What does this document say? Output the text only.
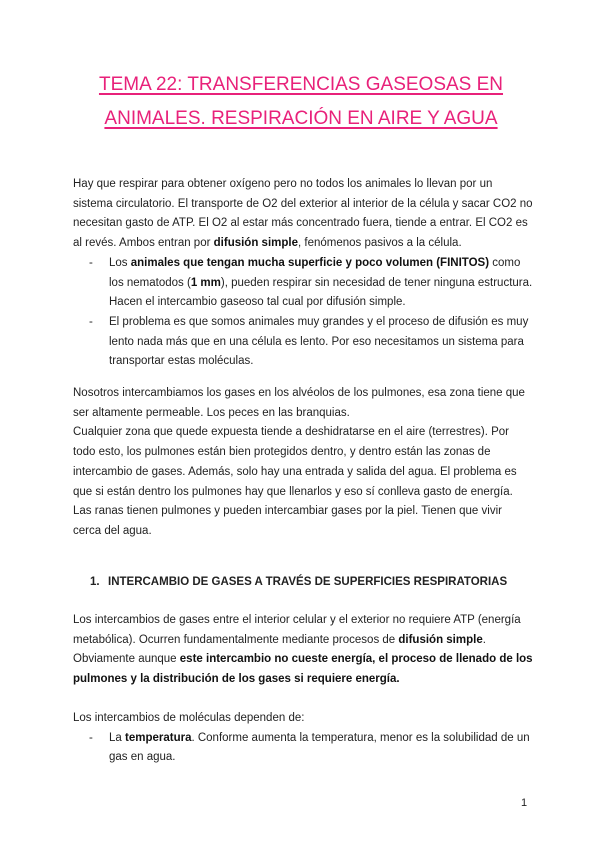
TEMA 22: TRANSFERENCIAS GASEOSAS EN
ANIMALES. RESPIRACIÓN EN AIRE Y AGUA

Hay que respirar para obtener oxígeno pero no todos los animales lo llevan por un sistema circulatorio. El transporte de O2 del exterior al interior de la célula y sacar CO2 no necesitan gasto de ATP. El O2 al estar más concentrado fuera, tiende a entrar. El CO2 es al revés. Ambos entran por difusión simple, fenómenos pasivos a la célula.

- Los animales que tengan mucha superficie y poco volumen (FINITOS) como los nematodos (1 mm), pueden respirar sin necesidad de tener ninguna estructura. Hacen el intercambio gaseoso tal cual por difusión simple.
- El problema es que somos animales muy grandes y el proceso de difusión es muy lento nada más que en una célula es lento. Por eso necesitamos un sistema para transportar estas moléculas.

Nosotros intercambiamos los gases en los alvéolos de los pulmones, esa zona tiene que ser altamente permeable. Los peces en las branquias.

Cualquier zona que quede expuesta tiende a deshidratarse en el aire (terrestres). Por todo esto, los pulmones están bien protegidos dentro, y dentro están las zonas de intercambio de gases. Además, solo hay una entrada y salida del agua. El problema es que si están dentro los pulmones hay que llenarlos y eso sí conlleva gasto de energía.

Las ranas tienen pulmones y pueden intercambiar gases por la piel. Tienen que vivir cerca del agua.

1. INTERCAMBIO DE GASES A TRAVÉS DE SUPERFICIES RESPIRATORIAS

Los intercambios de gases entre el interior celular y el exterior no requiere ATP (energía metabólica). Ocurren fundamentalmente mediante procesos de difusión simple. Obviamente aunque este intercambio no cueste energía, el proceso de llenado de los pulmones y la distribución de los gases si requiere energía.

Los intercambios de moléculas dependen de:

- La temperatura. Conforme aumenta la temperatura, menor es la solubilidad de un gas en agua.
1
